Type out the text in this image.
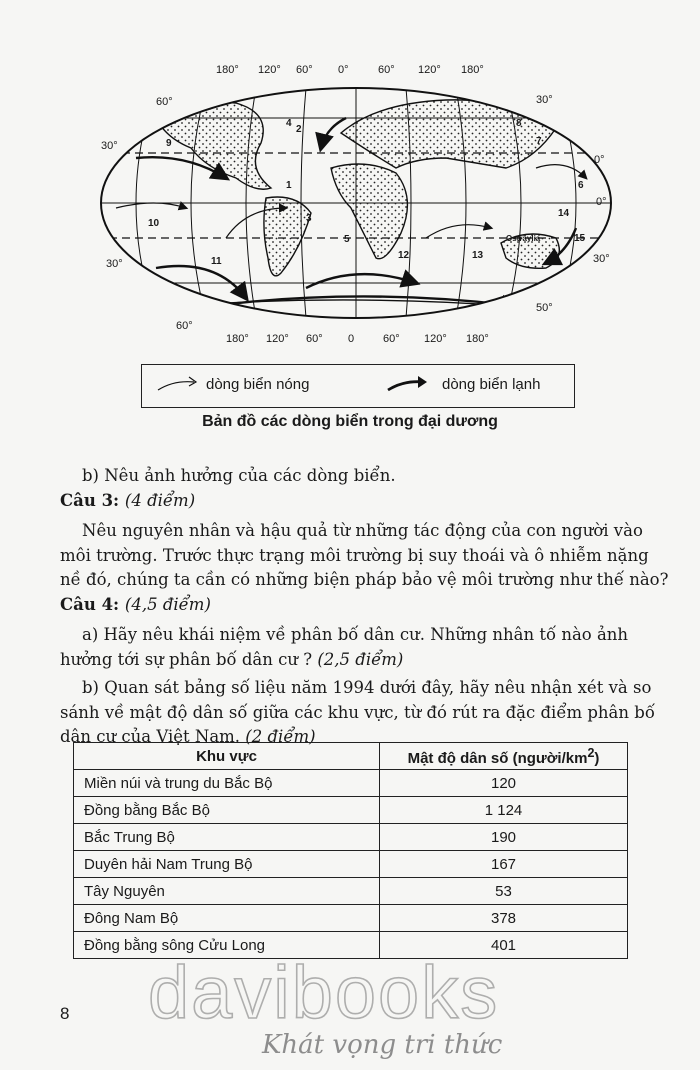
180° 120° 60° 0°	60° 120° 180°
180° 120° 60° 0	60° 120° 180°
60°
30°
0°
30°
60°
30°
0°
30°
50°
1
2
3
4
5
6
7
8
9
10
11
12	13
14
15
Ostrâylia
dòng biển nóng	dòng biển lạnh
Bản đồ các dòng biển trong đại dương

b) Nêu ảnh hưởng của các dòng biển.

Câu 3: (4 điểm)

Nêu nguyên nhân và hậu quả từ những tác động của con người vào môi trường. Trước thực trạng môi trường bị suy thoái và ô nhiễm nặng nề đó, chúng ta cần có những biện pháp bảo vệ môi trường như thế nào?

Câu 4: (4,5 điểm)

a) Hãy nêu khái niệm về phân bố dân cư. Những nhân tố nào ảnh hưởng tới sự phân bố dân cư ? (2,5 điểm)

b) Quan sát bảng số liệu năm 1994 dưới đây, hãy nêu nhận xét và so sánh về mật độ dân số giữa các khu vực, từ đó rút ra đặc điểm phân bố dân cư của Việt Nam. (2 điểm)

Khu vực	Mật độ dân số $(người/km^2)$
Miền núi và trung du Bắc Bộ	120
Đồng bằng Bắc Bộ	1 124
Bắc Trung Bộ	190
Duyên hải Nam Trung Bộ	167
Tây Nguyên	53
Đông Nam Bộ	378
Đồng bằng sông Cửu Long	401
8 davibooks
Khát vọng tri thức
